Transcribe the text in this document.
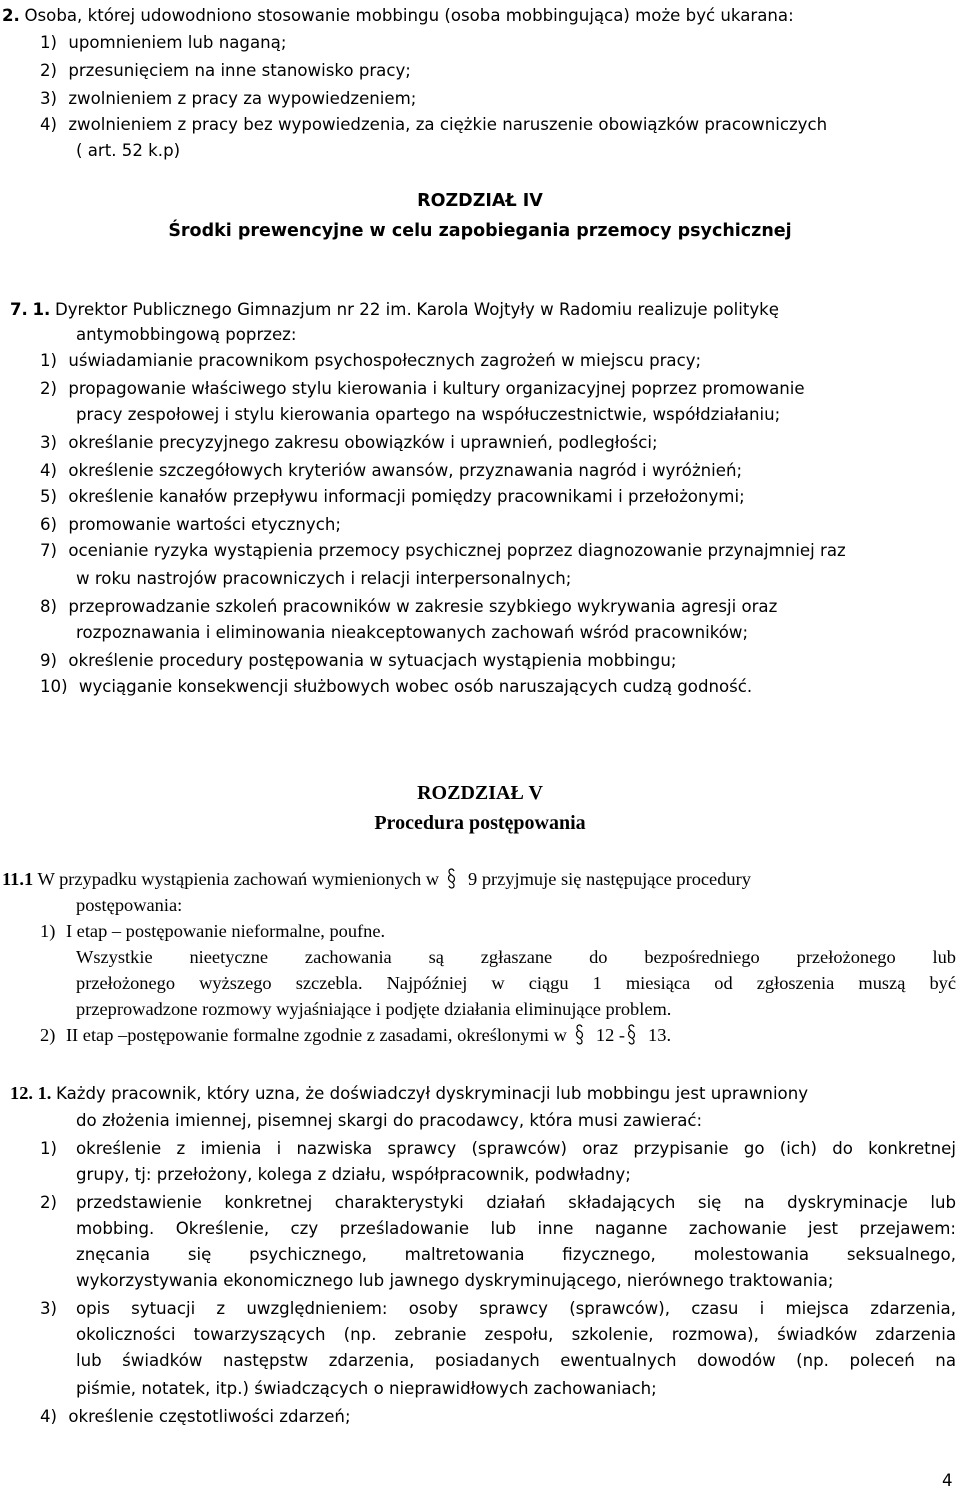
2. Osoba, której udowodniono stosowanie mobbingu (osoba mobbingująca) może być ukarana:
1) upomnieniem lub naganą;
2) przesunięciem na inne stanowisko pracy;
3) zwolnieniem z pracy za wypowiedzeniem;
4) zwolnieniem z pracy bez wypowiedzenia, za ciężkie naruszenie obowiązków pracowniczych
( art. 52 k.p)
ROZDZIAŁ IV
Środki prewencyjne w celu zapobiegania przemocy psychicznej
7. 1. Dyrektor Publicznego Gimnazjum nr 22 im. Karola Wojtyły w Radomiu realizuje politykę
antymobbingową poprzez:
1) uświadamianie pracownikom psychospołecznych zagrożeń w miejscu pracy;
2) propagowanie właściwego stylu kierowania i kultury organizacyjnej poprzez promowanie
pracy zespołowej i stylu kierowania opartego na współuczestnictwie, współdziałaniu;
3) określanie precyzyjnego zakresu obowiązków i uprawnień, podległości;
4) określenie szczegółowych kryteriów awansów, przyznawania nagród i wyróżnień;
5) określenie kanałów przepływu informacji pomiędzy pracownikami i przełożonymi;
6) promowanie wartości etycznych;
7) ocenianie ryzyka wystąpienia przemocy psychicznej poprzez diagnozowanie przynajmniej raz
w roku nastrojów pracowniczych i relacji interpersonalnych;
8) przeprowadzanie szkoleń pracowników w zakresie szybkiego wykrywania agresji oraz
rozpoznawania i eliminowania nieakceptowanych zachowań wśród pracowników;
9) określenie procedury postępowania w sytuacjach wystąpienia mobbingu;
10) wyciąganie konsekwencji służbowych wobec osób naruszających cudzą godność.
ROZDZIAŁ V
Procedura postępowania
11.1 W przypadku wystąpienia zachowań wymienionych w 9 przyjmuje się następujące procedury
postępowania:
1) I etap – postępowanie nieformalne, poufne.
Wszystkie nieetyczne zachowania są zgłaszane do bezpośredniego przełożonego lub
przełożonego wyższego szczebla. Najpóźniej w ciągu 1 miesiąca od zgłoszenia muszą być
przeprowadzone rozmowy wyjaśniające i podjęte działania eliminujące problem.
2) II etap –postępowanie formalne zgodnie z zasadami, określonymi w 12 - 13.
12. 1. Każdy pracownik, który uzna, że doświadczył dyskryminacji lub mobbingu jest uprawniony
do złożenia imiennej, pisemnej skargi do pracodawcy, która musi zawierać:
1) określenie z imienia i nazwiska sprawcy (sprawców) oraz przypisanie go (ich) do konkretnej
grupy, tj: przełożony, kolega z działu, współpracownik, podwładny;
2) przedstawienie konkretnej charakterystyki działań składających się na dyskryminacje lub
mobbing. Określenie, czy prześladowanie lub inne naganne zachowanie jest przejawem:
znęcania się psychicznego, maltretowania fizycznego, molestowania seksualnego,
wykorzystywania ekonomicznego lub jawnego dyskryminującego, nierównego traktowania;
3) opis sytuacji z uwzględnieniem: osoby sprawcy (sprawców), czasu i miejsca zdarzenia,
okoliczności towarzyszących (np. zebranie zespołu, szkolenie, rozmowa), świadków zdarzenia
lub świadków następstw zdarzenia, posiadanych ewentualnych dowodów (np. poleceń na
piśmie, notatek, itp.) świadczących o nieprawidłowych zachowaniach;
4) określenie częstotliwości zdarzeń;
4
